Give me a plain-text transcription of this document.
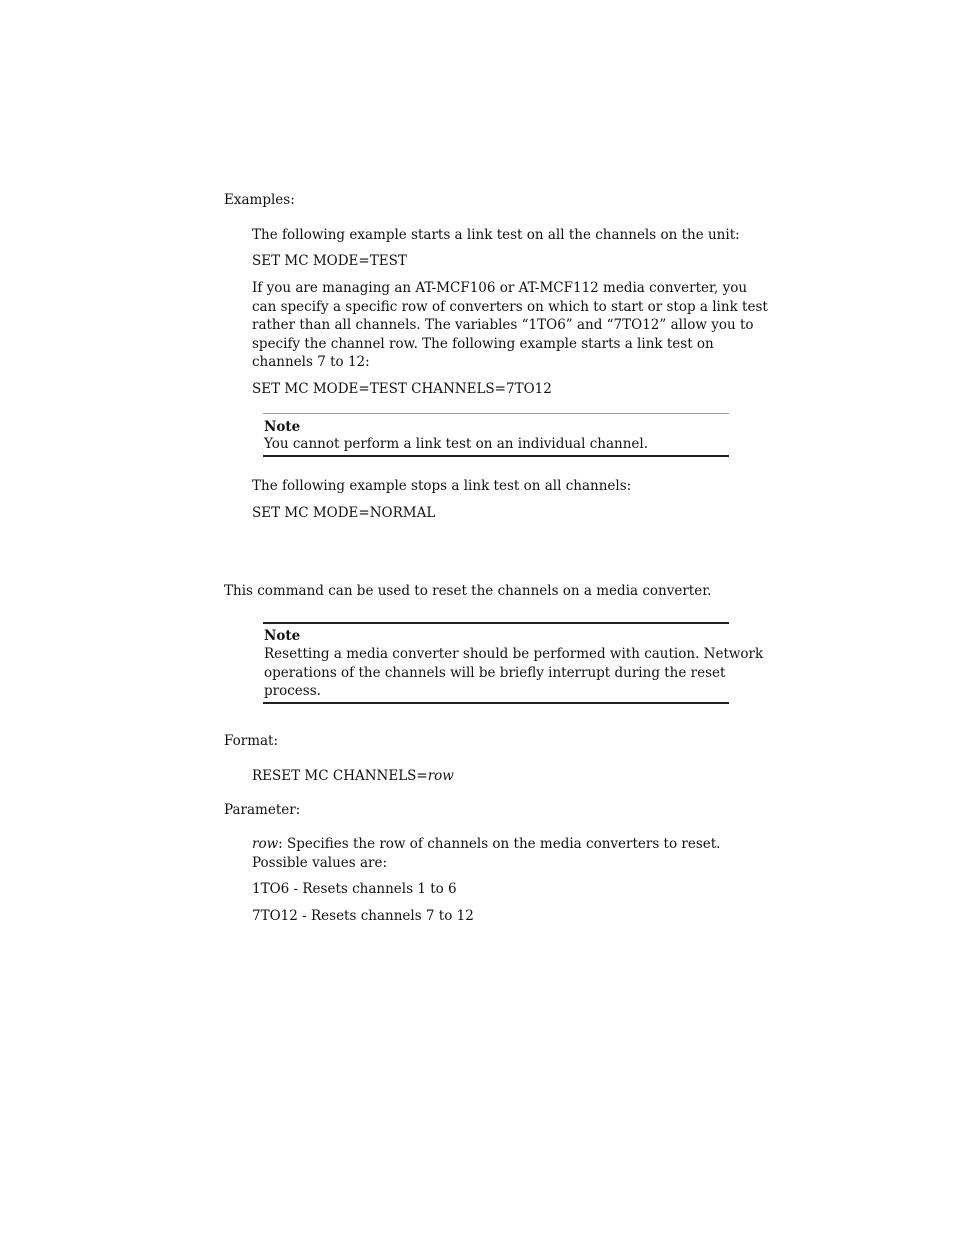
Examples:

The following example starts a link test on all the channels on the unit:

SET MC MODE=TEST

If you are managing an AT-MCF106 or AT-MCF112 media converter, you

can specify a specific row of converters on which to start or stop a link test

rather than all channels. The variables “1TO6” and “7TO12” allow you to

specify the channel row. The following example starts a link test on

channels 7 to 12:

SET MC MODE=TEST CHANNELS=7TO12

Note

You cannot perform a link test on an individual channel.

The following example stops a link test on all channels:

SET MC MODE=NORMAL

This command can be used to reset the channels on a media converter.

Note

Resetting a media converter should be performed with caution. Network

operations of the channels will be briefly interrupt during the reset

process.

Format:

RESET MC CHANNELS=row

Parameter:

row: Specifies the row of channels on the media converters to reset.

Possible values are:

1TO6 - Resets channels 1 to 6

7TO12 - Resets channels 7 to 12
